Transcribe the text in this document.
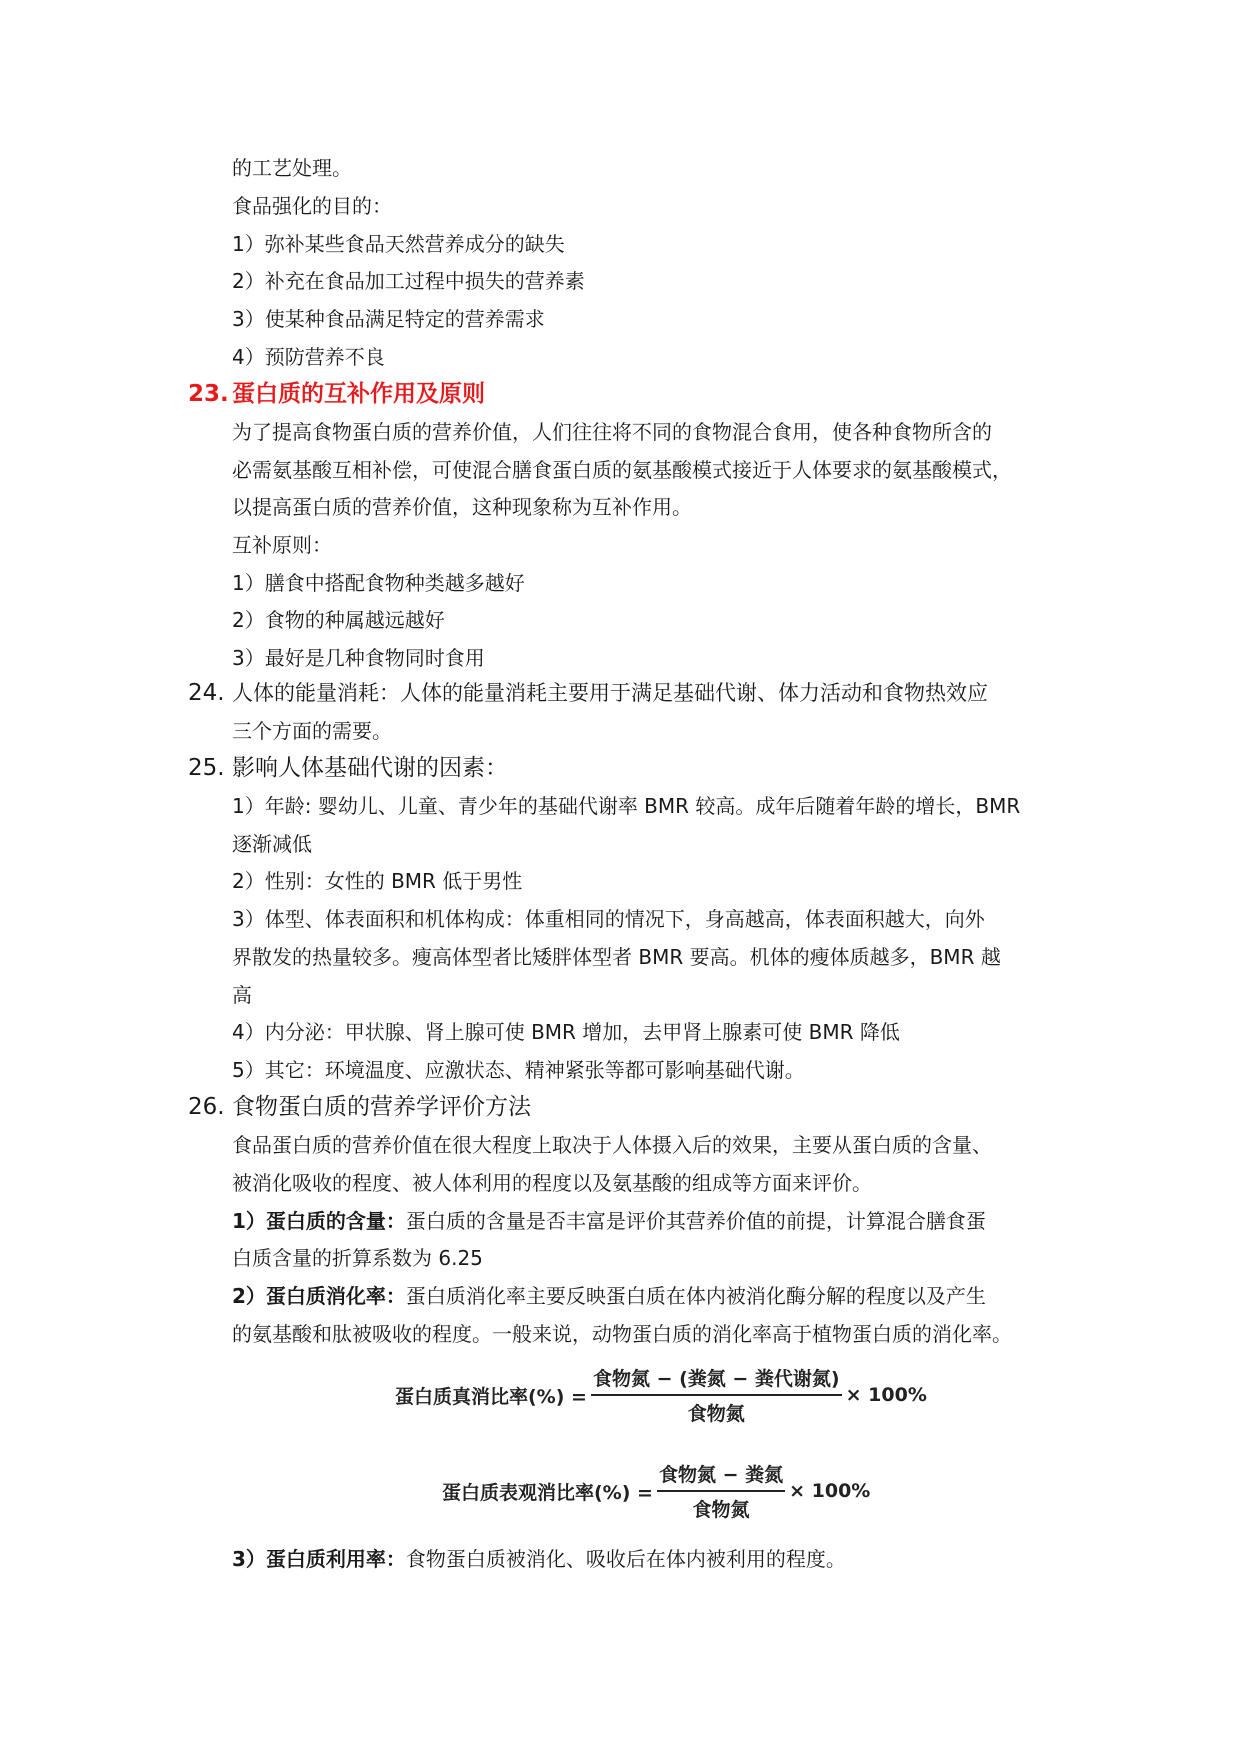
的工艺处理。
食品强化的目的：
1）弥补某些食品天然营养成分的缺失
2）补充在食品加工过程中损失的营养素
3）使某种食品满足特定的营养需求
4）预防营养不良
23. 蛋白质的互补作用及原则
为了提高食物蛋白质的营养价值，人们往往将不同的食物混合食用，使各种食物所含的
必需氨基酸互相补偿，可使混合膳食蛋白质的氨基酸模式接近于人体要求的氨基酸模式，
以提高蛋白质的营养价值，这种现象称为互补作用。
互补原则：
1）膳食中搭配食物种类越多越好
2）食物的种属越远越好
3）最好是几种食物同时食用
24. 人体的能量消耗：人体的能量消耗主要用于满足基础代谢、体力活动和食物热效应
三个方面的需要。
25. 影响人体基础代谢的因素：
1）年龄: 婴幼儿、儿童、青少年的基础代谢率 BMR 较高。成年后随着年龄的增长，BMR
逐渐减低
2）性别：女性的 BMR 低于男性
3）体型、体表面积和机体构成：体重相同的情况下，身高越高，体表面积越大，向外
界散发的热量较多。瘦高体型者比矮胖体型者 BMR 要高。机体的瘦体质越多，BMR 越
高
4）内分泌：甲状腺、肾上腺可使 BMR 增加，去甲肾上腺素可使 BMR 降低
5）其它：环境温度、应激状态、精神紧张等都可影响基础代谢。
26. 食物蛋白质的营养学评价方法
食品蛋白质的营养价值在很大程度上取决于人体摄入后的效果，主要从蛋白质的含量、
被消化吸收的程度、被人体利用的程度以及氨基酸的组成等方面来评价。
1）蛋白质的含量：蛋白质的含量是否丰富是评价其营养价值的前提，计算混合膳食蛋
白质含量的折算系数为 6.25
2）蛋白质消化率：蛋白质消化率主要反映蛋白质在体内被消化酶分解的程度以及产生
的氨基酸和肽被吸收的程度。一般来说，动物蛋白质的消化率高于植物蛋白质的消化率。
蛋白质真消比率(%) = $\frac{\text{食物氮 − (粪氮 − 粪代谢氮)}}{\text{食物氮}} \times 100\%$
蛋白质表观消比率(%) = $\frac{\text{食物氮 − 粪氮}}{\text{食物氮}} \times 100\%$
3）蛋白质利用率：食物蛋白质被消化、吸收后在体内被利用的程度。
